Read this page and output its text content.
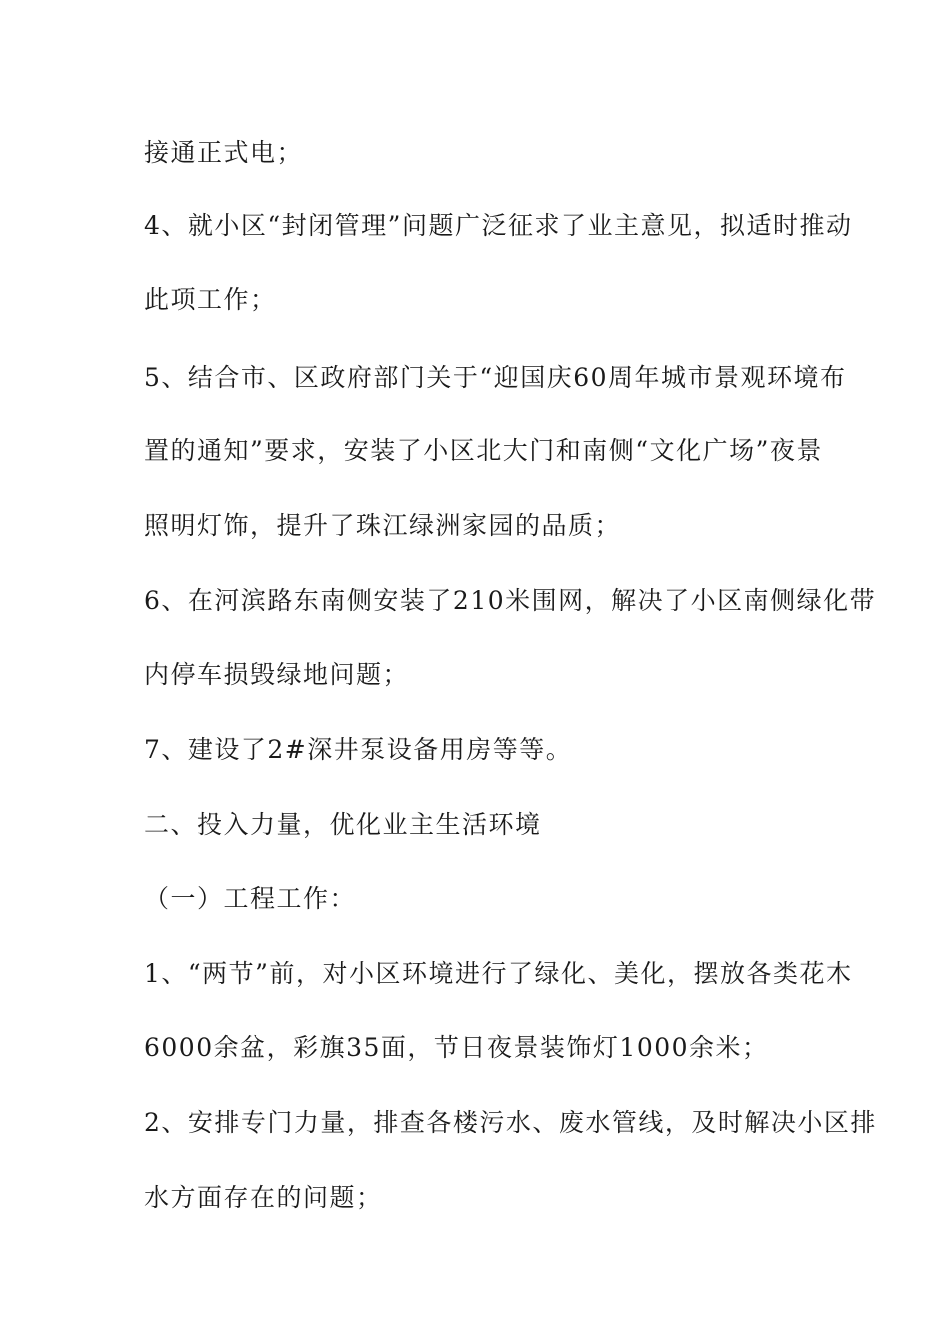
接通正式电；
4、就小区“封闭管理”问题广泛征求了业主意见，拟适时推动
此项工作；
5、结合市、区政府部门关于“迎国庆60周年城市景观环境布
置的通知”要求，安装了小区北大门和南侧“文化广场”夜景
照明灯饰，提升了珠江绿洲家园的品质；
6、在河滨路东南侧安装了210米围网，解决了小区南侧绿化带
内停车损毁绿地问题；
7、建设了2#深井泵设备用房等等。
二、投入力量，优化业主生活环境
（一）工程工作：
1、“两节”前，对小区环境进行了绿化、美化，摆放各类花木
6000余盆，彩旗35面，节日夜景装饰灯1000余米；
2、安排专门力量，排查各楼污水、废水管线，及时解决小区排
水方面存在的问题；
